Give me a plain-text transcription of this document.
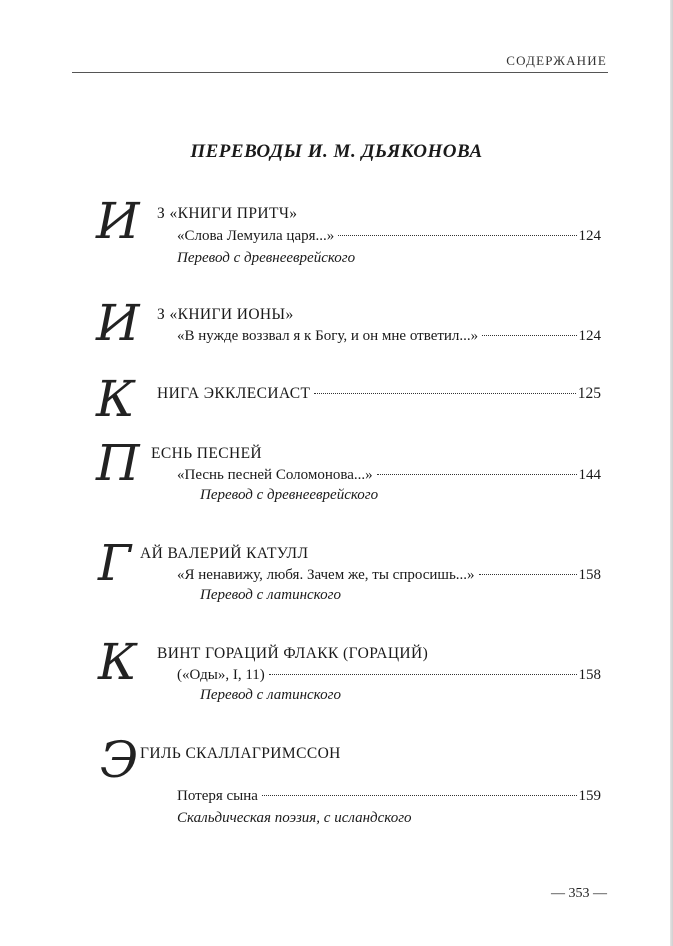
СОДЕРЖАНИЕ
ПЕРЕВОДЫ И. М. ДЬЯКОНОВА
И З «КНИГИ ПРИТЧ»
«Слова Лемуила царя...»	124
Перевод с древнееврейского
И З «КНИГИ ИОНЫ»
«В нужде воззвал я к Богу, и он мне ответил...»	124
К НИГА ЭККЛЕСИАСТ	125
П ЕСНЬ ПЕСНЕЙ
«Песнь песней Соломонова...»	144
Перевод с древнееврейского
Г АЙ ВАЛЕРИЙ КАТУЛЛ
«Я ненавижу, любя. Зачем же, ты спросишь...»	158
Перевод с латинского
К ВИНТ ГОРАЦИЙ ФЛАКК (ГОРАЦИЙ)
(«Оды», I, 11)	158
Перевод с латинского
Э ГИЛЬ СКАЛЛАГРИМССОН
Потеря сына	159
Скальдическая поэзия, с исландского
— 353 —
